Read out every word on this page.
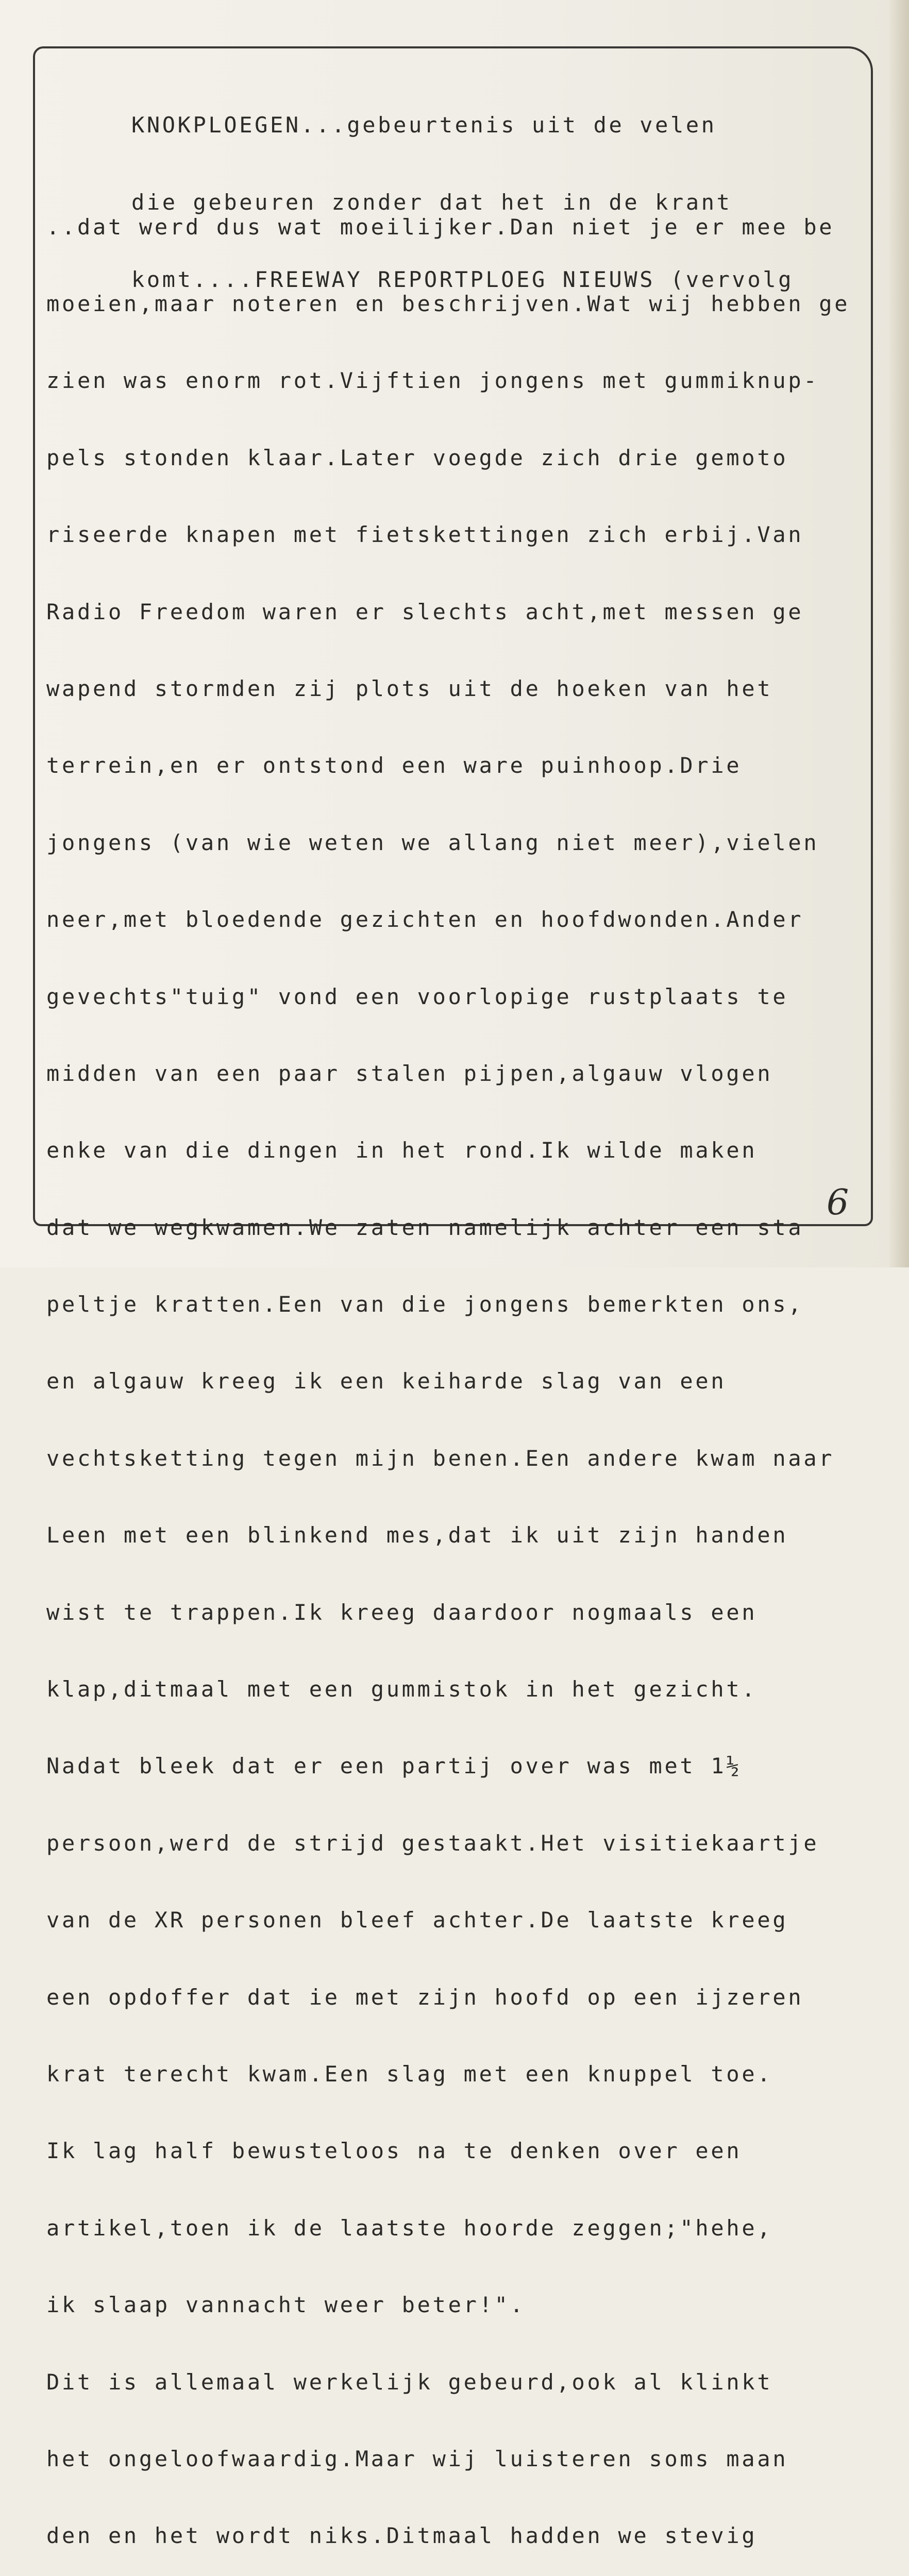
KNOKPLOEGEN...gebeurtenis uit de velen

die gebeuren zonder dat het in de krant

komt....FREEWAY REPORTPLOEG NIEUWS (vervolg

..dat werd dus wat moeilijker.Dan niet je er mee be

moeien,maar noteren en beschrijven.Wat wij hebben ge

zien was enorm rot.Vijftien jongens met gummiknup-

pels stonden klaar.Later voegde zich drie gemoto

riseerde knapen met fietskettingen zich erbij.Van

Radio Freedom waren er slechts acht,met messen ge

wapend stormden zij plots uit de hoeken van het

terrein,en er ontstond een ware puinhoop.Drie

jongens (van wie weten we allang niet meer),vielen

neer,met bloedende gezichten en hoofdwonden.Ander

gevechts"tuig" vond een voorlopige rustplaats te

midden van een paar stalen pijpen,algauw vlogen

enke van die dingen in het rond.Ik wilde maken

dat we wegkwamen.We zaten namelijk achter een sta

peltje kratten.Een van die jongens bemerkten ons,

en algauw kreeg ik een keiharde slag van een

vechtsketting tegen mijn benen.Een andere kwam naar

Leen met een blinkend mes,dat ik uit zijn handen

wist te trappen.Ik kreeg daardoor nogmaals een

klap,ditmaal met een gummistok in het gezicht.

Nadat bleek dat er een partij over was met 1½

persoon,werd de strijd gestaakt.Het visitiekaartje

van de XR personen bleef achter.De laatste kreeg

een opdoffer dat ie met zijn hoofd op een ijzeren

krat terecht kwam.Een slag met een knuppel toe.

Ik lag half bewusteloos na te denken over een

artikel,toen ik de laatste hoorde zeggen;"hehe,

ik slaap vannacht weer beter!".

Dit is allemaal werkelijk gebeurd,ook al klinkt

het ongeloofwaardig.Maar wij luisteren soms maan

den en het wordt niks.Ditmaal hadden we stevig

6
